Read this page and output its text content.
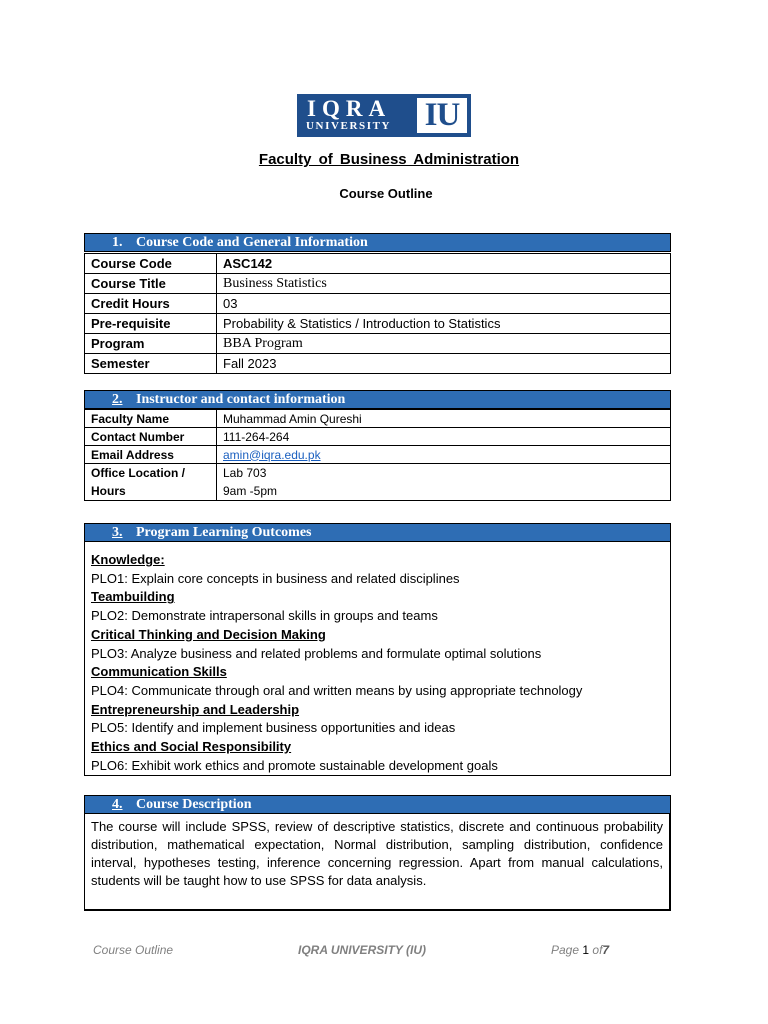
IQRA
UNIVERSITY IU
Faculty of Business Administration
Course Outline
1. Course Code and General Information
Course Code	ASC142
Course Title	Business Statistics
Credit Hours	03
Pre-requisite	Probability & Statistics / Introduction to Statistics
Program	BBA Program
Semester	Fall 2023
2. Instructor and contact information
Faculty Name	Muhammad Amin Qureshi
Contact Number	111-264-264
Email Address	amin@iqra.edu.pk
Office Location / Hours	Lab 703
9am -5pm
3. Program Learning Outcomes
Knowledge:
PLO1: Explain core concepts in business and related disciplines
Teambuilding
PLO2: Demonstrate intrapersonal skills in groups and teams
Critical Thinking and Decision Making
PLO3: Analyze business and related problems and formulate optimal solutions
Communication Skills
PLO4: Communicate through oral and written means by using appropriate technology
Entrepreneurship and Leadership
PLO5: Identify and implement business opportunities and ideas
Ethics and Social Responsibility
PLO6: Exhibit work ethics and promote sustainable development goals
4. Course Description
The course will include SPSS, review of descriptive statistics, discrete and continuous probability distribution, mathematical expectation, Normal distribution, sampling distribution, confidence interval, hypotheses testing, inference concerning regression. Apart from manual calculations, students will be taught how to use SPSS for data analysis.
Course Outline	IQRA UNIVERSITY (IU)	Page 1 of7
